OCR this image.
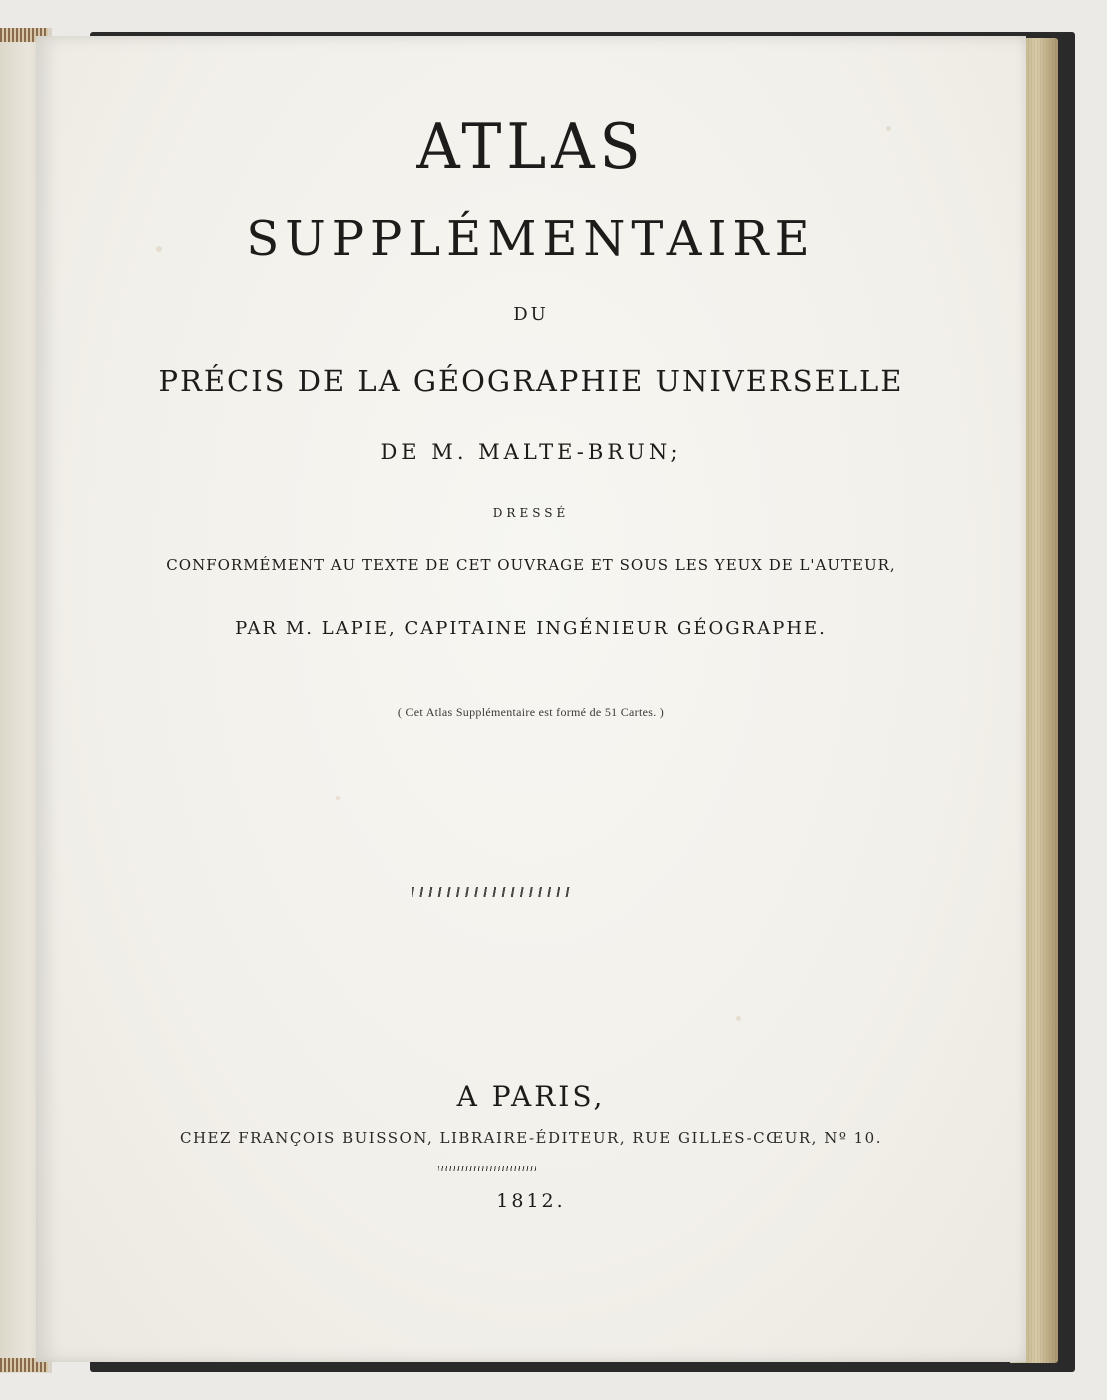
ATLAS
SUPPLÉMENTAIRE
DU
PRÉCIS DE LA GÉOGRAPHIE UNIVERSELLE
DE M. MALTE-BRUN;
DRESSÉ
CONFORMÉMENT AU TEXTE DE CET OUVRAGE ET SOUS LES YEUX DE L'AUTEUR,
PAR M. LAPIE, CAPITAINE INGÉNIEUR GÉOGRAPHE.
( Cet Atlas Supplémentaire est formé de 51 Cartes. )
A PARIS,
CHEZ FRANÇOIS BUISSON, LIBRAIRE-ÉDITEUR, RUE GILLES-CŒUR, Nº 10.
1812.
